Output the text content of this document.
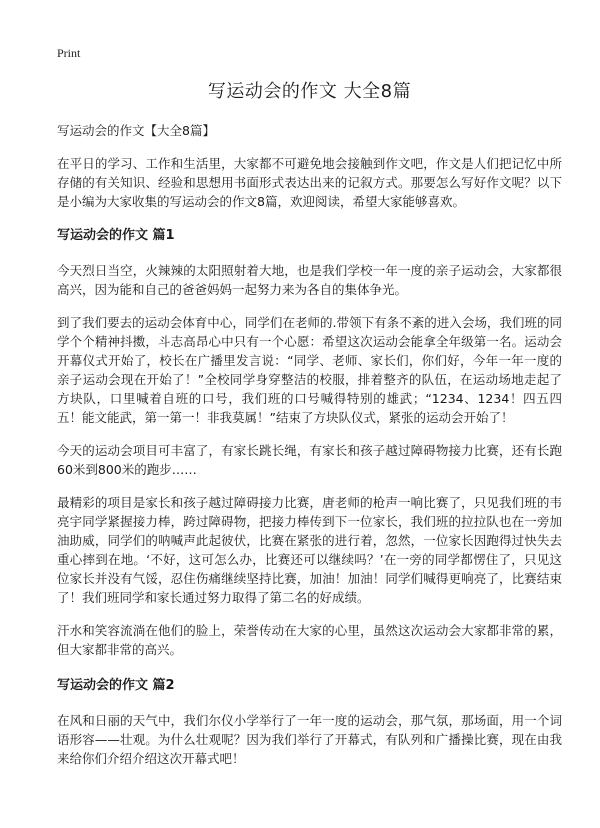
Print
写运动会的作文 大全8篇
写运动会的作文【大全8篇】

在平日的学习、工作和生活里，大家都不可避免地会接触到作文吧，作文是人们把记忆中所存储的有关知识、经验和思想用书面形式表达出来的记叙方式。那要怎么写好作文呢？以下是小编为大家收集的写运动会的作文8篇，欢迎阅读，希望大家能够喜欢。

写运动会的作文 篇1

今天烈日当空，火辣辣的太阳照射着大地，也是我们学校一年一度的亲子运动会，大家都很高兴，因为能和自己的爸爸妈妈一起努力来为各自的集体争光。

到了我们要去的运动会体育中心，同学们在老师的.带领下有条不紊的进入会场，我们班的同学个个精神抖擞，斗志高昂心中只有一个心愿：希望这次运动会能拿全年级第一名。运动会开幕仪式开始了，校长在广播里发言说：“同学、老师、家长们，你们好，今年一年一度的亲子运动会现在开始了！”全校同学身穿整洁的校服，排着整齐的队伍，在运动场地走起了方块队，口里喊着自班的口号，我们班的口号喊得特别的雄武；“1234、1234！四五四五！能文能武，第一第一！非我莫属！”结束了方块队仪式，紧张的运动会开始了！

今天的运动会项目可丰富了，有家长跳长绳，有家长和孩子越过障碍物接力比赛，还有长跑60米到800米的跑步……

最精彩的项目是家长和孩子越过障碍接力比赛，唐老师的枪声一响比赛了，只见我们班的韦亮宇同学紧握接力棒，跨过障碍物，把接力棒传到下一位家长，我们班的拉拉队也在一旁加油助威，同学们的呐喊声此起彼伏，比赛在紧张的进行着，忽然，一位家长因跑得过快失去重心摔到在地。‘不好，这可怎么办，比赛还可以继续吗？’在一旁的同学都愣住了，只见这位家长并没有气馁，忍住伤痛继续坚持比赛，加油！加油！同学们喊得更响亮了，比赛结束了！我们班同学和家长通过努力取得了第二名的好成绩。

汗水和笑容流淌在他们的脸上，荣誉传动在大家的心里，虽然这次运动会大家都非常的累，但大家都非常的高兴。

写运动会的作文 篇2

在风和日丽的天气中，我们尔仪小学举行了一年一度的运动会，那气氛，那场面，用一个词语形容——壮观。为什么壮观呢？因为我们举行了开幕式，有队列和广播操比赛，现在由我来给你们介绍介绍这次开幕式吧！
